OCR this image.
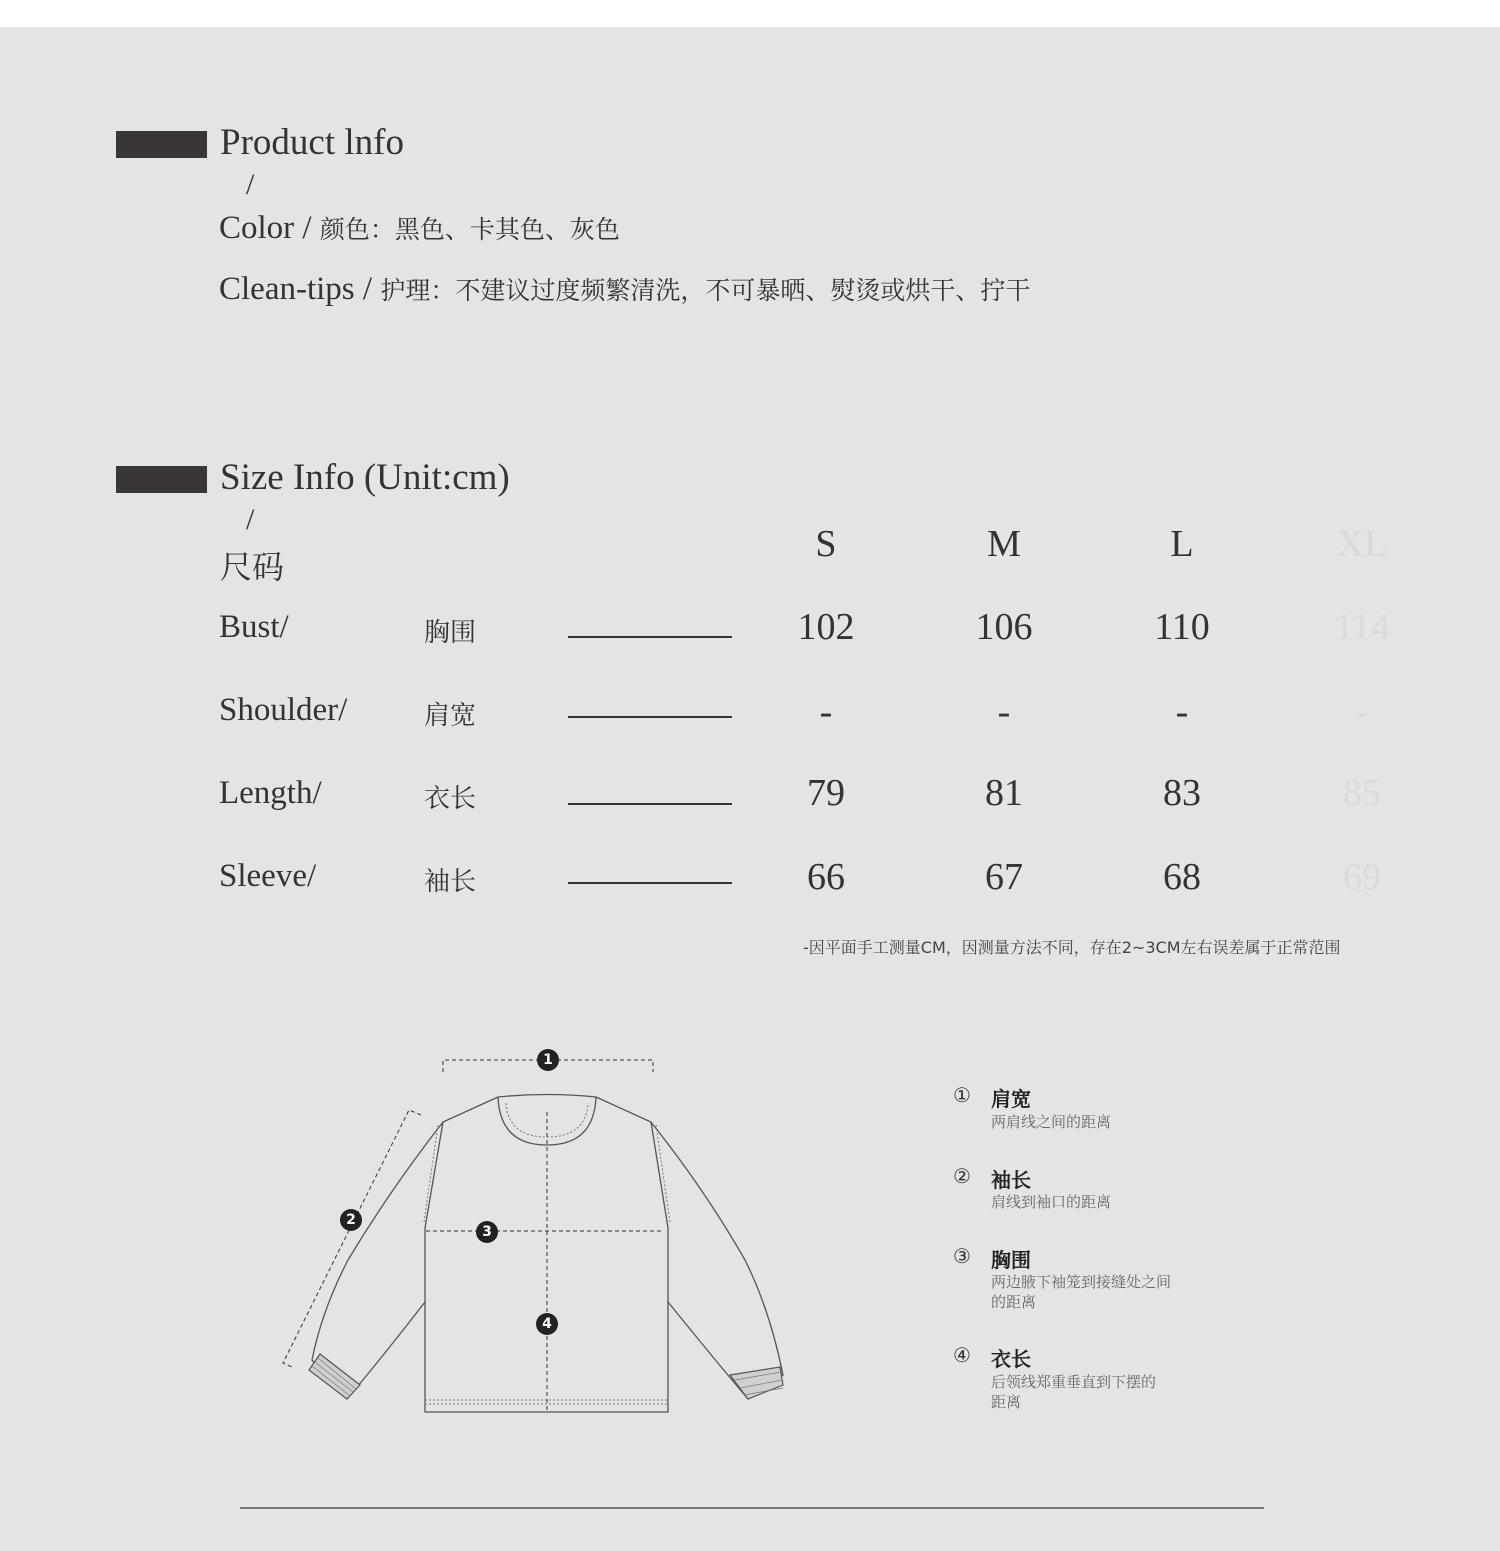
Product lnfo
/
Color / 颜色：黑色、卡其色、灰色
Clean-tips / 护理：不建议过度频繁清洗，不可暴晒、熨烫或烘干、拧干
Size Info (Unit:cm)
/
尺码
S	M	L	XL
Bust/	胸围	102	106	110	114
Shoulder/	肩宽	-	-	-	-
Length/	衣长	79	81	83	85
Sleeve/	袖长	66	67	68	69
-因平面手工测量CM，因测量方法不同，存在2~3CM左右误差属于正常范围
1
2
3
4
① 肩宽
两肩线之间的距离
② 袖长
肩线到袖口的距离
③ 胸围
两边腋下袖笼到接缝处之间
的距离
④ 衣长
后领线郑重垂直到下摆的
距离
